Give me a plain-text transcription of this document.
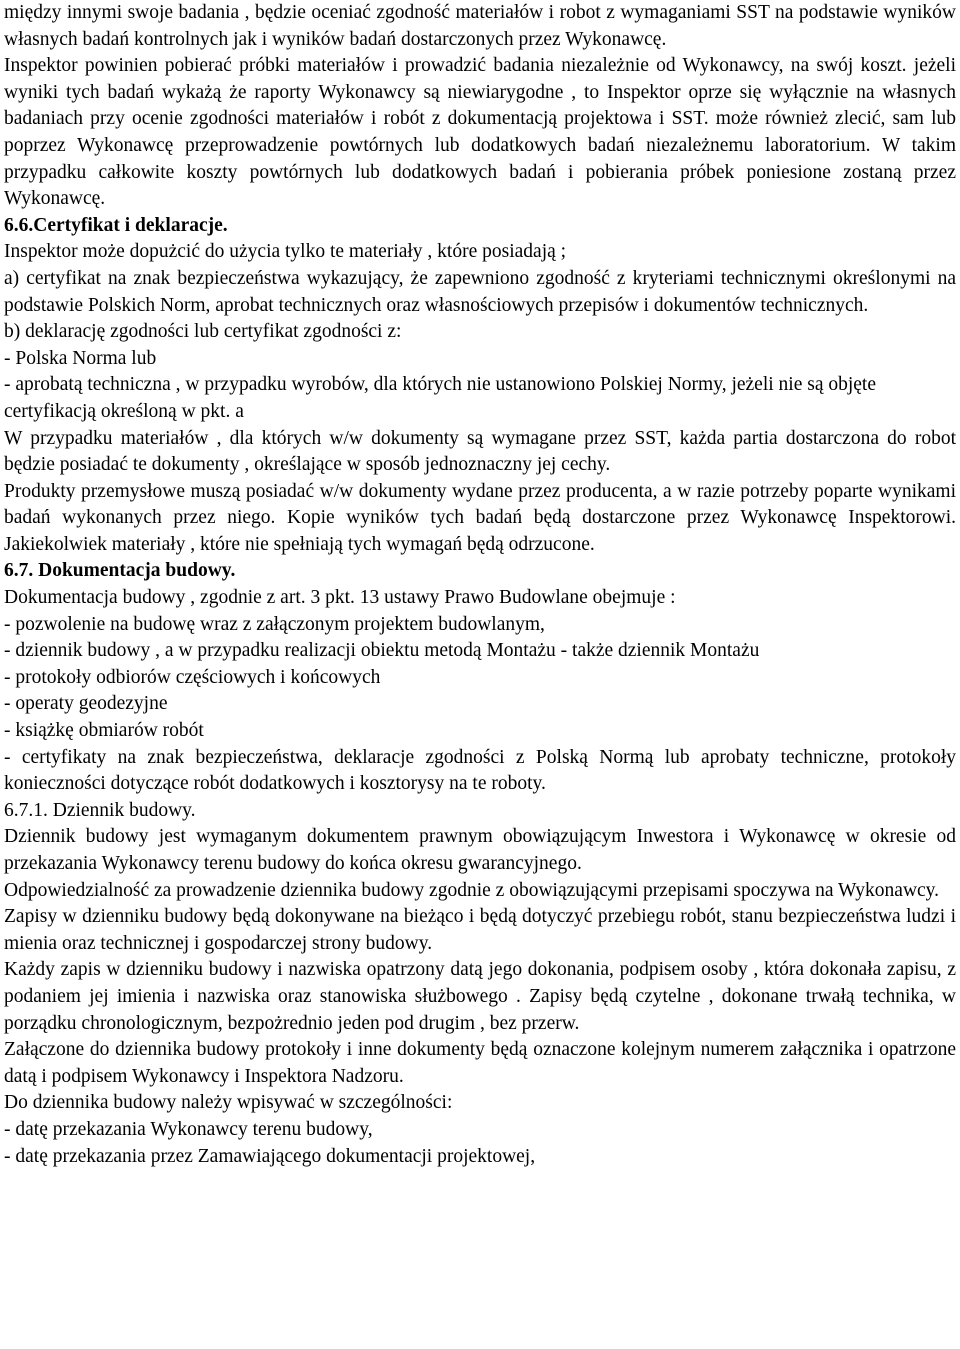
między innymi swoje badania , będzie oceniać zgodność materiałów i robot z wymaganiami SST na podstawie wyników własnych badań kontrolnych jak i wyników badań dostarczonych przez Wykonawcę.

Inspektor powinien pobierać próbki materiałów i prowadzić badania niezależnie od Wykonawcy, na swój koszt. jeżeli wyniki tych badań wykażą że raporty Wykonawcy są niewiarygodne , to Inspektor oprze się wyłącznie na własnych badaniach przy ocenie zgodności materiałów i robót z dokumentacją projektowa i SST. może również zlecić, sam lub poprzez Wykonawcę przeprowadzenie powtórnych lub dodatkowych badań niezależnemu laboratorium. W takim przypadku całkowite koszty powtórnych lub dodatkowych badań i pobierania próbek poniesione zostaną przez Wykonawcę.

6.6.Certyfikat i deklaracje.

Inspektor może dopużcić do użycia tylko te materiały , które posiadają ;

a) certyfikat na znak bezpieczeństwa wykazujący, że zapewniono zgodność z kryteriami technicznymi określonymi na podstawie Polskich Norm, aprobat technicznych oraz własnościowych przepisów i dokumentów technicznych.

b) deklarację zgodności lub certyfikat zgodności z:

- Polska Norma lub

- aprobatą techniczna , w przypadku wyrobów, dla których nie ustanowiono Polskiej Normy, jeżeli nie są objęte certyfikacją określoną w pkt. a

W przypadku materiałów , dla których w/w dokumenty są wymagane przez SST, każda partia dostarczona do robot będzie posiadać te dokumenty , określające w sposób jednoznaczny jej cechy.

Produkty przemysłowe muszą posiadać w/w dokumenty wydane przez producenta, a w razie potrzeby poparte wynikami badań wykonanych przez niego. Kopie wyników tych badań będą dostarczone przez Wykonawcę Inspektorowi. Jakiekolwiek materiały , które nie spełniają tych wymagań będą odrzucone.

6.7. Dokumentacja budowy.

Dokumentacja budowy , zgodnie z art. 3 pkt. 13 ustawy Prawo Budowlane obejmuje :

- pozwolenie na budowę wraz z załączonym projektem budowlanym,

- dziennik budowy , a w przypadku realizacji obiektu metodą Montażu - także dziennik Montażu

- protokoły odbiorów częściowych i końcowych

- operaty geodezyjne

- książkę obmiarów robót

- certyfikaty na znak bezpieczeństwa, deklaracje zgodności z Polską Normą lub aprobaty techniczne, protokoły konieczności dotyczące robót dodatkowych i kosztorysy na te roboty.

6.7.1. Dziennik budowy.

Dziennik budowy jest wymaganym dokumentem prawnym obowiązującym Inwestora i Wykonawcę w okresie od przekazania Wykonawcy terenu budowy do końca okresu gwarancyjnego.

Odpowiedzialność za prowadzenie dziennika budowy zgodnie z obowiązującymi przepisami spoczywa na Wykonawcy.

Zapisy w dzienniku budowy będą dokonywane na bieżąco i będą dotyczyć przebiegu robót, stanu bezpieczeństwa ludzi i mienia oraz technicznej i gospodarczej strony budowy.

Każdy zapis w dzienniku budowy i nazwiska opatrzony datą jego dokonania, podpisem osoby , która dokonała zapisu, z podaniem jej imienia i nazwiska oraz stanowiska służbowego . Zapisy będą czytelne , dokonane trwałą technika, w porządku chronologicznym, bezpożrednio jeden pod drugim , bez przerw.

Załączone do dziennika budowy protokoły i inne dokumenty będą oznaczone kolejnym numerem załącznika i opatrzone datą i podpisem Wykonawcy i Inspektora Nadzoru.

Do dziennika budowy należy wpisywać w szczególności:

- datę przekazania Wykonawcy terenu budowy,

- datę przekazania przez Zamawiającego dokumentacji projektowej,
